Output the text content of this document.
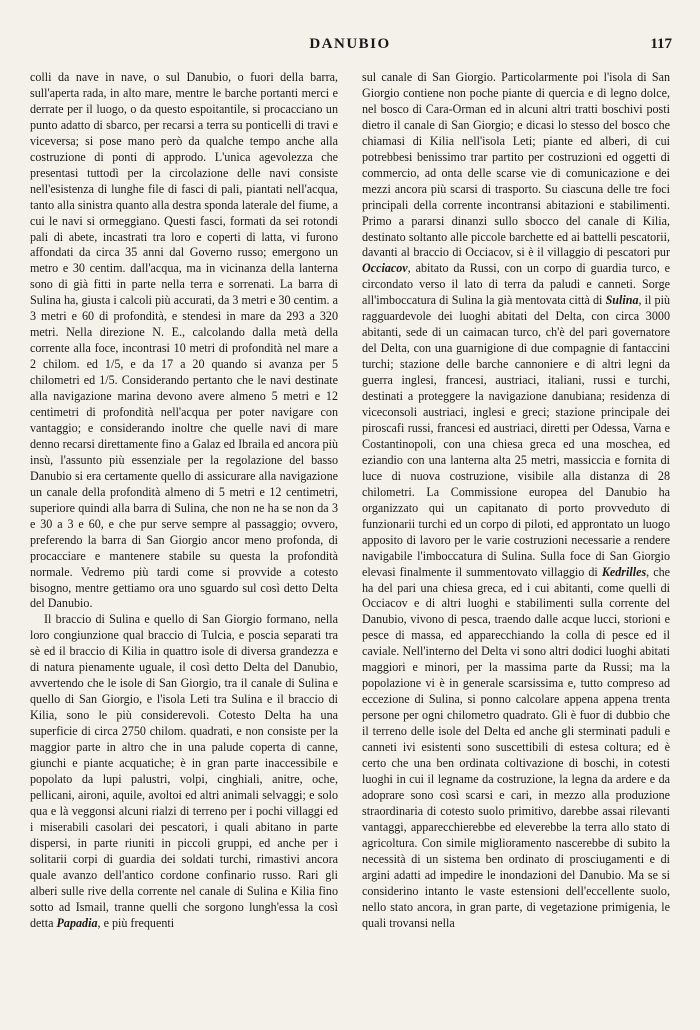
DANUBIO	117

colli da nave in nave, o sul Danubio, o fuori della barra, sull'aperta rada, in alto mare, mentre le barche portanti merci e derrate per il luogo, o da questo espoitantile, si procacciano un punto adatto di sbarco, per recarsi a terra su ponticelli di travi e viceversa; si pose mano però da qualche tempo anche alla costruzione di ponti di approdo. L'unica agevolezza che presentasi tuttodì per la circolazione delle navi consiste nell'esistenza di lunghe file di fasci di pali, piantati nell'acqua, tanto alla sinistra quanto alla destra sponda laterale del fiume, a cui le navi si ormeggiano. Questi fasci, formati da sei rotondi pali di abete, incastrati tra loro e coperti di latta, vi furono affondati da circa 35 anni dal Governo russo; emergono un metro e 30 centim. dall'acqua, ma in vicinanza della lanterna sono di già fitti in parte nella terra e sorrenati. La barra di Sulina ha, giusta i calcoli più accurati, da 3 metri e 30 centim. a 3 metri e 60 di profondità, e stendesi in mare da 293 a 320 metri. Nella direzione N. E., calcolando dalla metà della corrente alla foce, incontrasi 10 metri di profondità nel mare a 2 chilom. ed 1/5, e da 17 a 20 quando si avanza per 5 chilometri ed 1/5. Considerando pertanto che le navi destinate alla navigazione marina devono avere almeno 5 metri e 12 centimetri di profondità nell'acqua per poter navigare con vantaggio; e considerando inoltre che quelle navi di mare denno recarsi direttamente fino a Galaz ed Ibraila ed ancora più insù, l'assunto più essenziale per la regolazione del basso Danubio si era certamente quello di assicurare alla navigazione un canale della profondità almeno di 5 metri e 12 centimetri, superiore quindi alla barra di Sulina, che non ne ha se non da 3 e 30 a 3 e 60, e che pur serve sempre al passaggio; ovvero, preferendo la barra di San Giorgio ancor meno profonda, di procacciare e mantenere stabile su questa la profondità normale. Vedremo più tardi come si provvide a cotesto bisogno, mentre gettiamo ora uno sguardo sul così detto Delta del Danubio.

Il braccio di Sulina e quello di San Giorgio formano, nella loro congiunzione qual braccio di Tulcia, e poscia separati tra sè ed il braccio di Kilia in quattro isole di diversa grandezza e di natura pienamente uguale, il così detto Delta del Danubio, avvertendo che le isole di San Giorgio, tra il canale di Sulina e quello di San Giorgio, e l'isola Leti tra Sulina e il braccio di Kilia, sono le più considerevoli. Cotesto Delta ha una superficie di circa 2750 chilom. quadrati, e non consiste per la maggior parte in altro che in una palude coperta di canne, giunchi e piante acquatiche; è in gran parte inaccessibile e popolato da lupi palustri, volpi, cinghiali, anitre, oche, pellicani, aironi, aquile, avoltoi ed altri animali selvaggi; e solo qua e là veggonsi alcuni rialzi di terreno per i pochi villaggi ed i miserabili casolari dei pescatori, i quali abitano in parte dispersi, in parte riuniti in piccoli gruppi, ed anche per i solitarii corpi di guardia dei soldati turchi, rimastivi ancora quale avanzo dell'antico cordone confinario russo. Rari gli alberi sulle rive della corrente nel canale di Sulina e Kilia fino sotto ad Ismail, tranne quelli che sorgono lungh'essa la così detta Papadia, e più frequenti

sul canale di San Giorgio. Particolarmente poi l'isola di San Giorgio contiene non poche piante di quercia e di legno dolce, nel bosco di Cara-Orman ed in alcuni altri tratti boschivi posti dietro il canale di San Giorgio; e dicasi lo stesso del bosco che chiamasi di Kilia nell'isola Leti; piante ed alberi, di cui potrebbesi benissimo trar partito per costruzioni ed oggetti di commercio, ad onta delle scarse vie di comunicazione e dei mezzi ancora più scarsi di trasporto. Su ciascuna delle tre foci principali della corrente incontransi abitazioni e stabilimenti. Primo a pararsi dinanzi sullo sbocco del canale di Kilia, destinato soltanto alle piccole barchette ed ai battelli pescatorii, davanti al braccio di Occiacov, si è il villaggio di pescatori pur Occiacov, abitato da Russi, con un corpo di guardia turco, e circondato verso il lato di terra da paludi e canneti. Sorge all'imboccatura di Sulina la già mentovata città di Sulina, il più ragguardevole dei luoghi abitati del Delta, con circa 3000 abitanti, sede di un caimacan turco, ch'è del pari governatore del Delta, con una guarnigione di due compagnie di fantaccini turchi; stazione delle barche cannoniere e di altri legni da guerra inglesi, francesi, austriaci, italiani, russi e turchi, destinati a proteggere la navigazione danubiana; residenza di viceconsoli austriaci, inglesi e greci; stazione principale dei piroscafi russi, francesi ed austriaci, diretti per Odessa, Varna e Costantinopoli, con una chiesa greca ed una moschea, ed eziandio con una lanterna alta 25 metri, massiccia e fornita di luce di nuova costruzione, visibile alla distanza di 28 chilometri. La Commissione europea del Danubio ha organizzato qui un capitanato di porto provveduto di funzionarii turchi ed un corpo di piloti, ed approntato un luogo apposito di lavoro per le varie costruzioni necessarie a rendere navigabile l'imboccatura di Sulina. Sulla foce di San Giorgio elevasi finalmente il summentovato villaggio di Kedrilles, che ha del pari una chiesa greca, ed i cui abitanti, come quelli di Occiacov e di altri luoghi e stabilimenti sulla corrente del Danubio, vivono di pesca, traendo dalle acque lucci, storioni e pesce di massa, ed apparecchiando la colla di pesce ed il caviale. Nell'interno del Delta vi sono altri dodici luoghi abitati maggiori e minori, per la massima parte da Russi; ma la popolazione vi è in generale scarsissima e, tutto compreso ad eccezione di Sulina, si ponno calcolare appena appena trenta persone per ogni chilometro quadrato. Gli è fuor di dubbio che il terreno delle isole del Delta ed anche gli sterminati paduli e canneti ivi esistenti sono suscettibili di estesa coltura; ed è certo che una ben ordinata coltivazione di boschi, in cotesti luoghi in cui il legname da costruzione, la legna da ardere e da adoprare sono così scarsi e cari, in mezzo alla produzione straordinaria di cotesto suolo primitivo, darebbe assai rilevanti vantaggi, apparecchierebbe ed eleverebbe la terra allo stato di agricoltura. Con simile miglioramento nascerebbe di subito la necessità di un sistema ben ordinato di prosciugamenti e di argini adatti ad impedire le inondazioni del Danubio. Ma se si considerino intanto le vaste estensioni dell'eccellente suolo, nello stato ancora, in gran parte, di vegetazione primigenia, le quali trovansi nella
